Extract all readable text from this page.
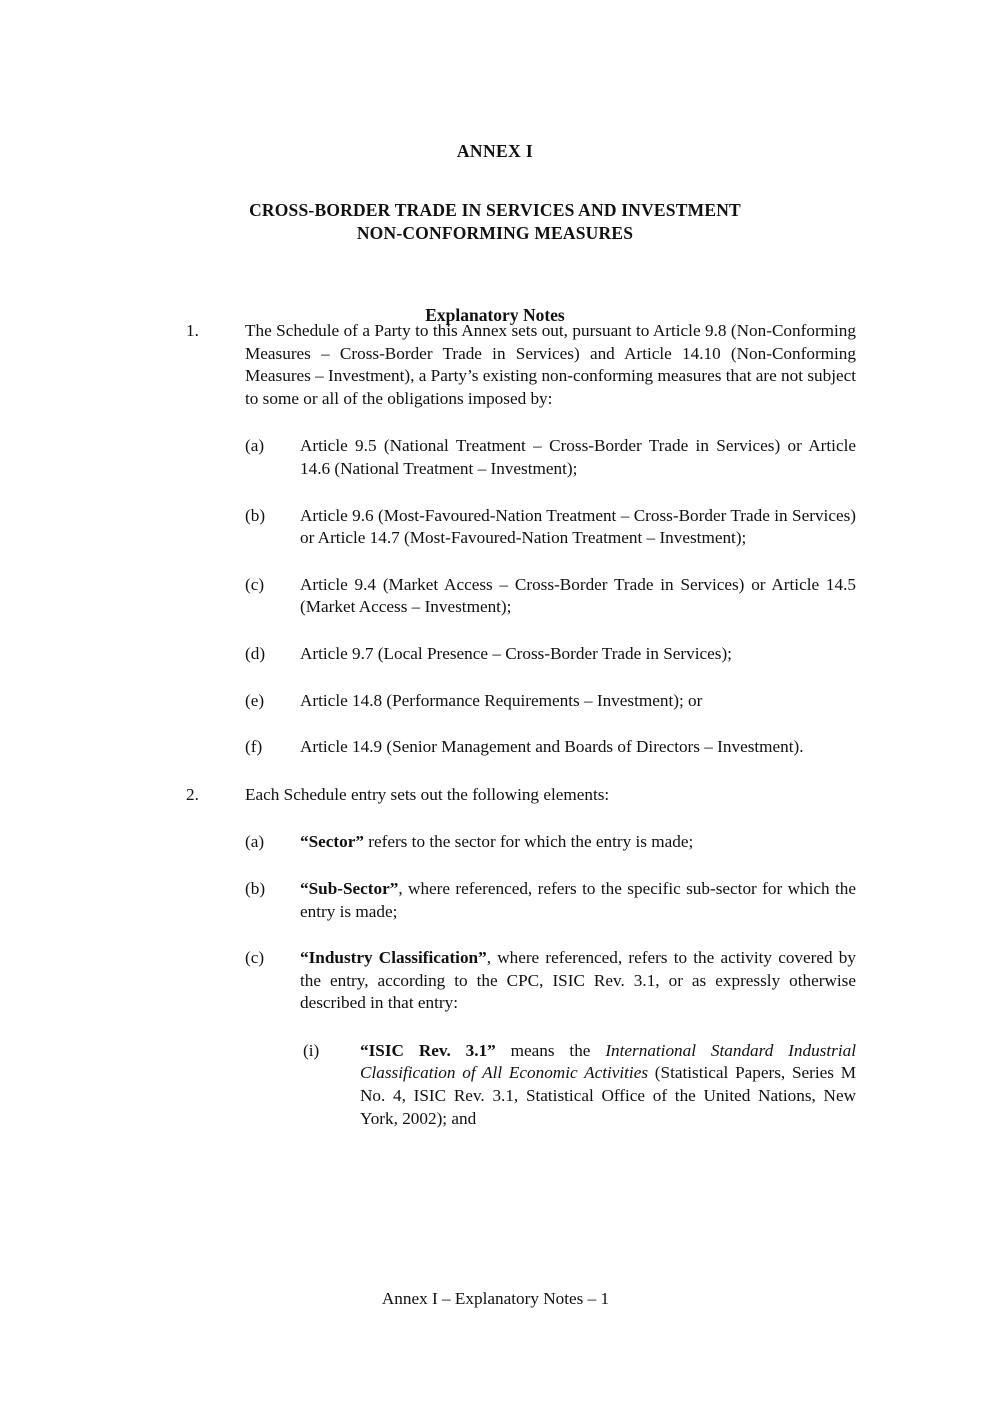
ANNEX I
CROSS-BORDER TRADE IN SERVICES AND INVESTMENT
NON-CONFORMING MEASURES
Explanatory Notes
1.	The Schedule of a Party to this Annex sets out, pursuant to Article 9.8 (Non-Conforming Measures – Cross-Border Trade in Services) and Article 14.10 (Non-Conforming Measures – Investment), a Party’s existing non-conforming measures that are not subject to some or all of the obligations imposed by:
(a)	Article 9.5 (National Treatment – Cross-Border Trade in Services) or Article 14.6 (National Treatment – Investment);
(b)	Article 9.6 (Most-Favoured-Nation Treatment – Cross-Border Trade in Services) or Article 14.7 (Most-Favoured-Nation Treatment – Investment);
(c)	Article 9.4 (Market Access – Cross-Border Trade in Services) or Article 14.5 (Market Access – Investment);
(d)	Article 9.7 (Local Presence – Cross-Border Trade in Services);
(e)	Article 14.8 (Performance Requirements – Investment); or
(f)	Article 14.9 (Senior Management and Boards of Directors – Investment).
2.	Each Schedule entry sets out the following elements:
(a)	“Sector” refers to the sector for which the entry is made;
(b)	“Sub-Sector”, where referenced, refers to the specific sub-sector for which the entry is made;
(c)	“Industry Classification”, where referenced, refers to the activity covered by the entry, according to the CPC, ISIC Rev. 3.1, or as expressly otherwise described in that entry:
(i)	“ISIC Rev. 3.1” means the International Standard Industrial Classification of All Economic Activities (Statistical Papers, Series M No. 4, ISIC Rev. 3.1, Statistical Office of the United Nations, New York, 2002); and
Annex I – Explanatory Notes – 1
